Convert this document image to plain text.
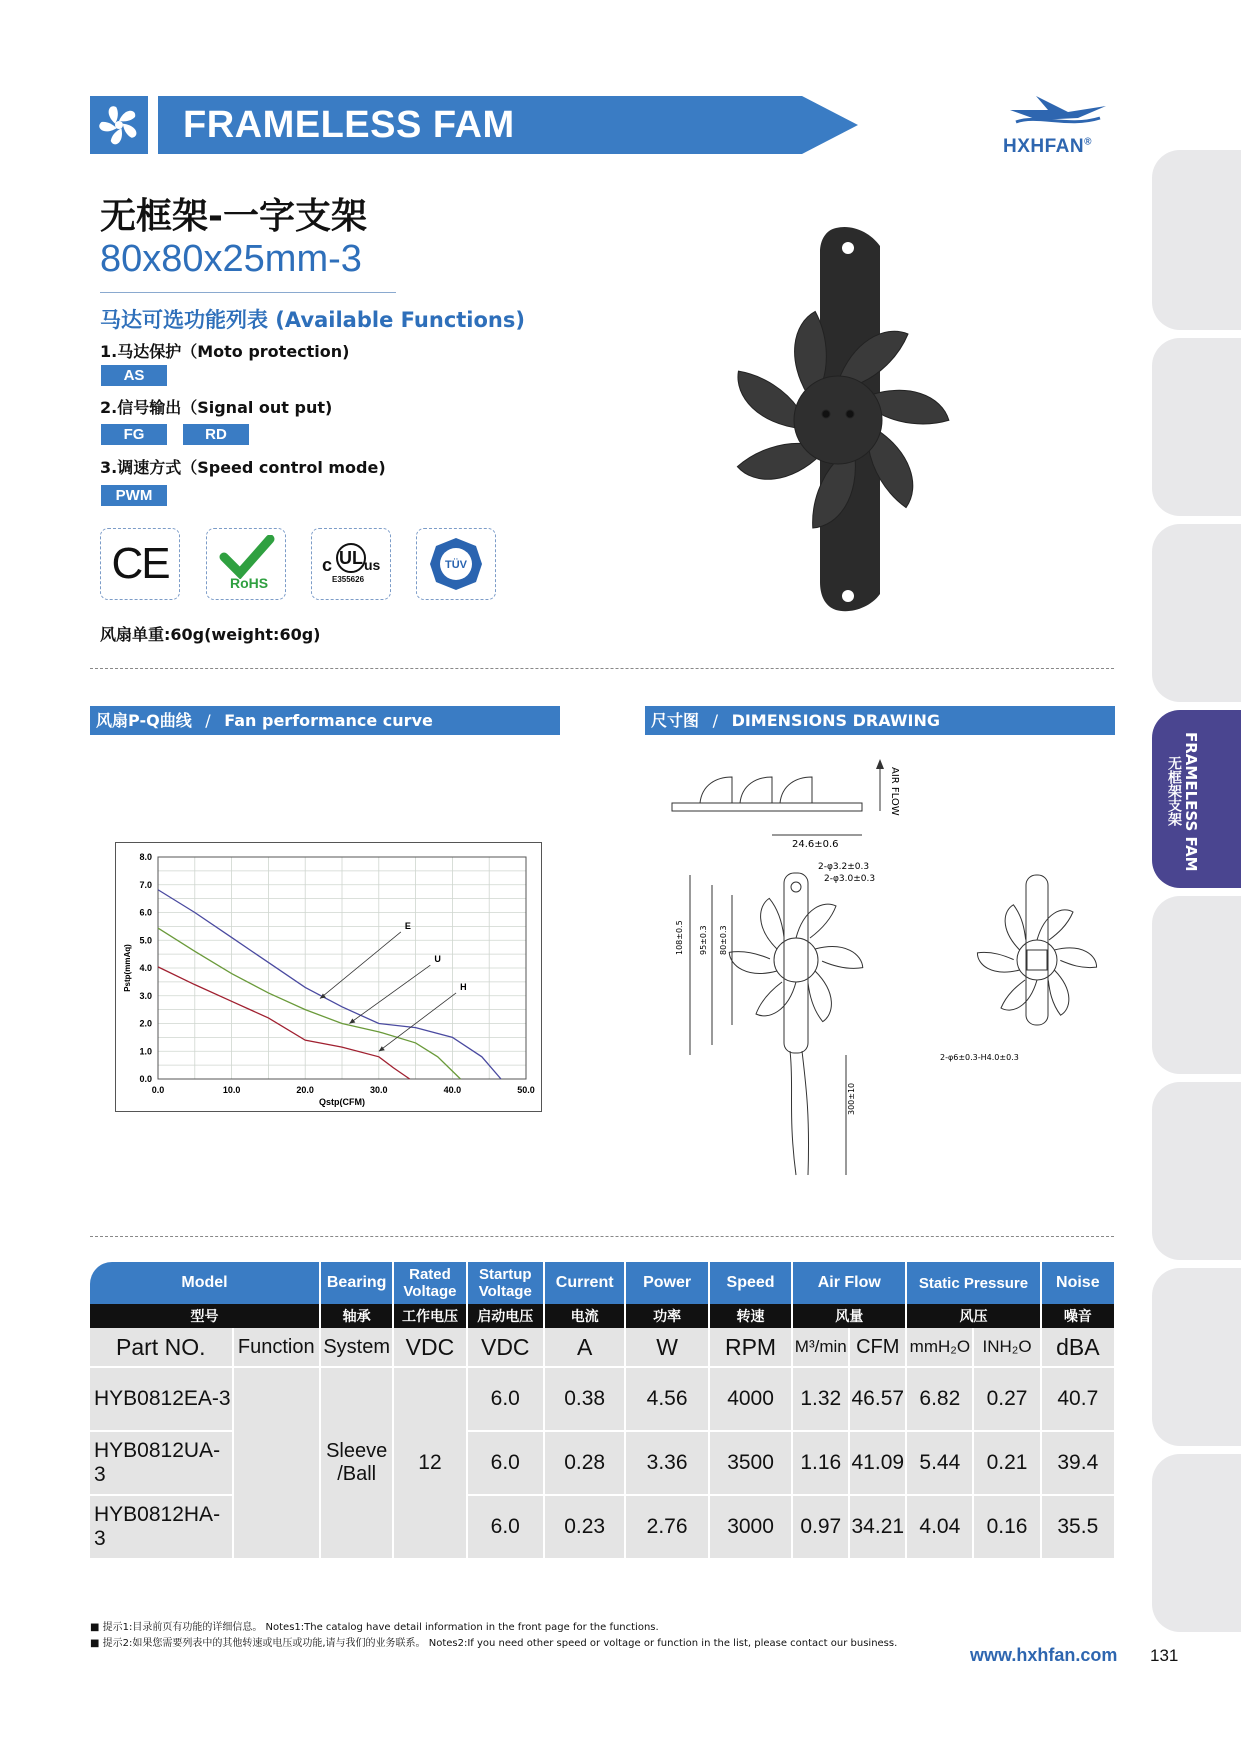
FRAMELESS FAM
HXHFAN®
无框架-一字支架
80x80x25mm-3
马达可选功能列表 (Available Functions)
1.马达保护（Moto protection)
AS
2.信号输出（Signal out put)
FG	RD
3.调速方式（Speed control mode)
PWM
CE	RoHS
c UL us
E355626
TÜV
风扇单重:60g(weight:60g)
风扇P-Q曲线 / Fan performance curve	尺寸图 / DIMENSIONS DRAWING
0.0	10.0	20.0	30.0	40.0	50.0
0.0
1.0
2.0
3.0
4.0
5.0
6.0
7.0
8.0
Qstp(CFM)
Pstp(mmAq)
E
U
H
AIR FLOW
24.6±0.6
2-φ3.2±0.3
2-φ3.0±0.3
108±0.5 95±0.3 80±0.3
300±10
2-φ6±0.3-H4.0±0.3
FRAMELESS FAM
无框架支架
Model		Bearing	Rated Voltage	Startup Voltage	Current	Power	Speed	Air Flow		Static Pressure		Noise
型号		轴承	工作电压	启动电压	电流	功率	转速	风量		风压		噪音
Part NO.	Function	System	VDC	VDC	A	W	RPM	M³/min	CFM	mmH₂O	INH₂O	dBA
HYB0812EA-3		Sleeve /Ball	12	6.0	0.38	4.56	4000	1.32	46.57	6.82	0.27	40.7
HYB0812UA-3				6.0	0.28	3.36	3500	1.16	41.09	5.44	0.21	39.4
HYB0812HA-3				6.0	0.23	2.76	3000	0.97	34.21	4.04	0.16	35.5
■ 提示1:目录前页有功能的详细信息。 Notes1:The catalog have detail information in the front page for the functions.
■ 提示2:如果您需要列表中的其他转速或电压或功能,请与我们的业务联系。 Notes2:If you need other speed or voltage or function in the list, please contact our business.
www.hxhfan.com 131
